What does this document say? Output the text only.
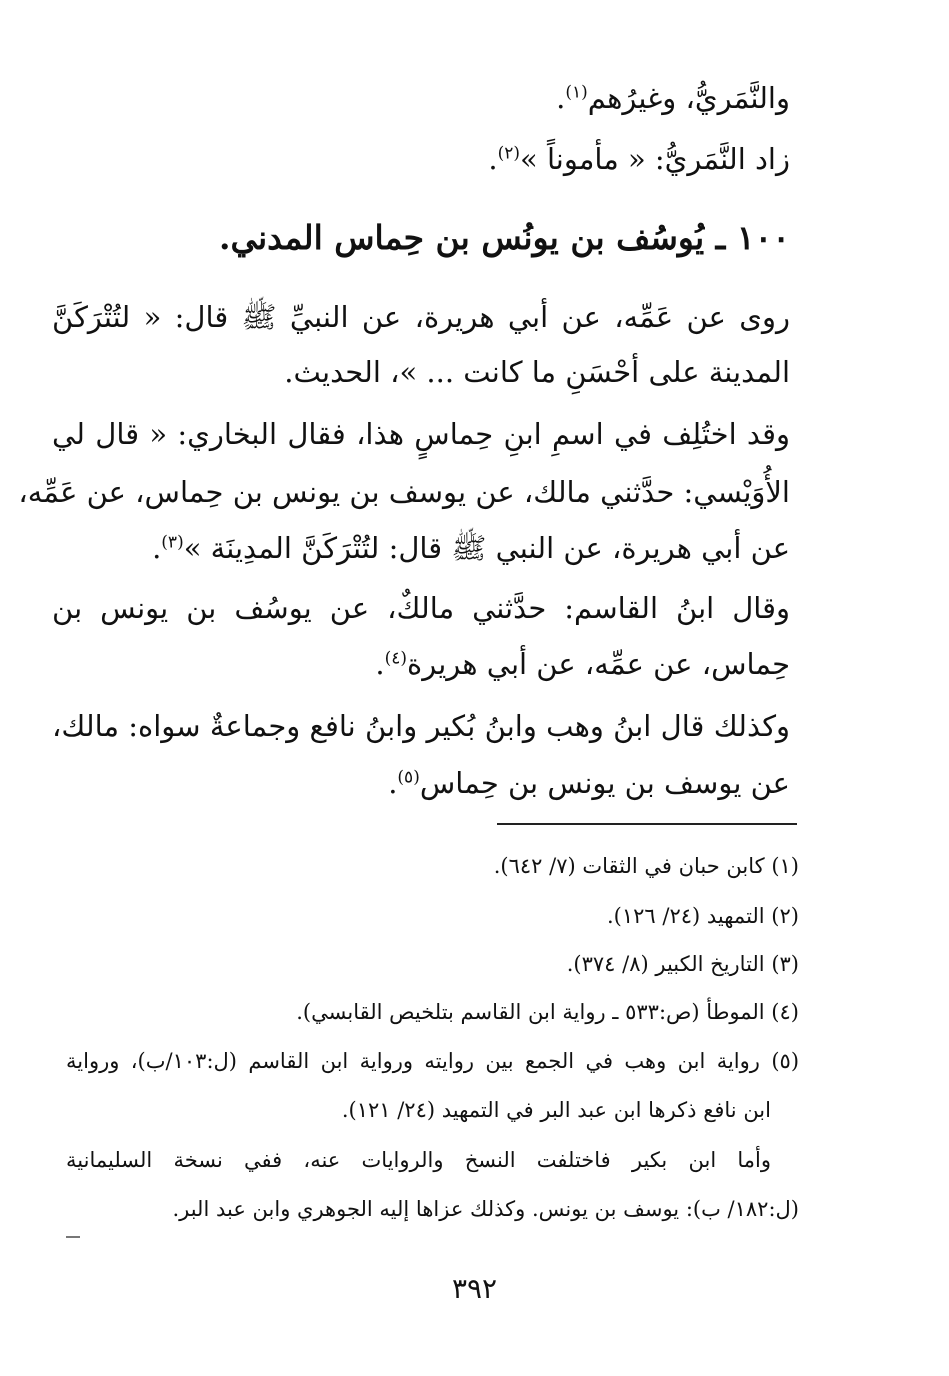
والنَّمَريُّ، وغيرُهم$^{(١)}$.
زاد النَّمَريُّ: « مأموناً »$^{(٢)}$.
١٠٠ ـ يُوسُف بن يونُس بن حِماس المدني.
روى عن عَمِّه، عن أبي هريرة، عن النبيِّ ﷺ قال: « لتُتْرَكَنَّ
المدينة على أحْسَنِ ما كانت ... »، الحديث.
وقد اختُلِف في اسمِ ابنِ حِماسٍ هذا، فقال البخاري: « قال لي
الأُوَيْسي: حدَّثني مالك، عن يوسف بن يونس بن حِماس، عن عَمِّه،
عن أبي هريرة، عن النبي ﷺ قال: لتُتْرَكَنَّ المدِينَة »$^{(٣)}$.
وقال ابنُ القاسم: حدَّثني مالكٌ، عن يوسُف بن يونس بن
حِماس، عن عمِّه، عن أبي هريرة$^{(٤)}$.
وكذلك قال ابنُ وهب وابنُ بُكير وابنُ نافع وجماعةٌ سواه: مالك،
عن يوسف بن يونس بن حِماس$^{(٥)}$.
(١) كابن حبان في الثقات (٧/ ٦٤٢).
(٢) التمهيد (٢٤/ ١٢٦).
(٣) التاريخ الكبير (٨/ ٣٧٤).
(٤) الموطأ (ص:٥٣٣ ـ رواية ابن القاسم بتلخيص القابسي).
(٥) رواية ابن وهب في الجمع بين روايته ورواية ابن القاسم (ل:١٠٣/ب)، ورواية
ابن نافع ذكرها ابن عبد البر في التمهيد (٢٤/ ١٢١).
وأما ابن بكير فاختلفت النسخ والروايات عنه، ففي نسخة السليمانية
(ل:١٨٢/ ب): يوسف بن يونس. وكذلك عزاها إليه الجوهري وابن عبد البر.
٣٩٢
